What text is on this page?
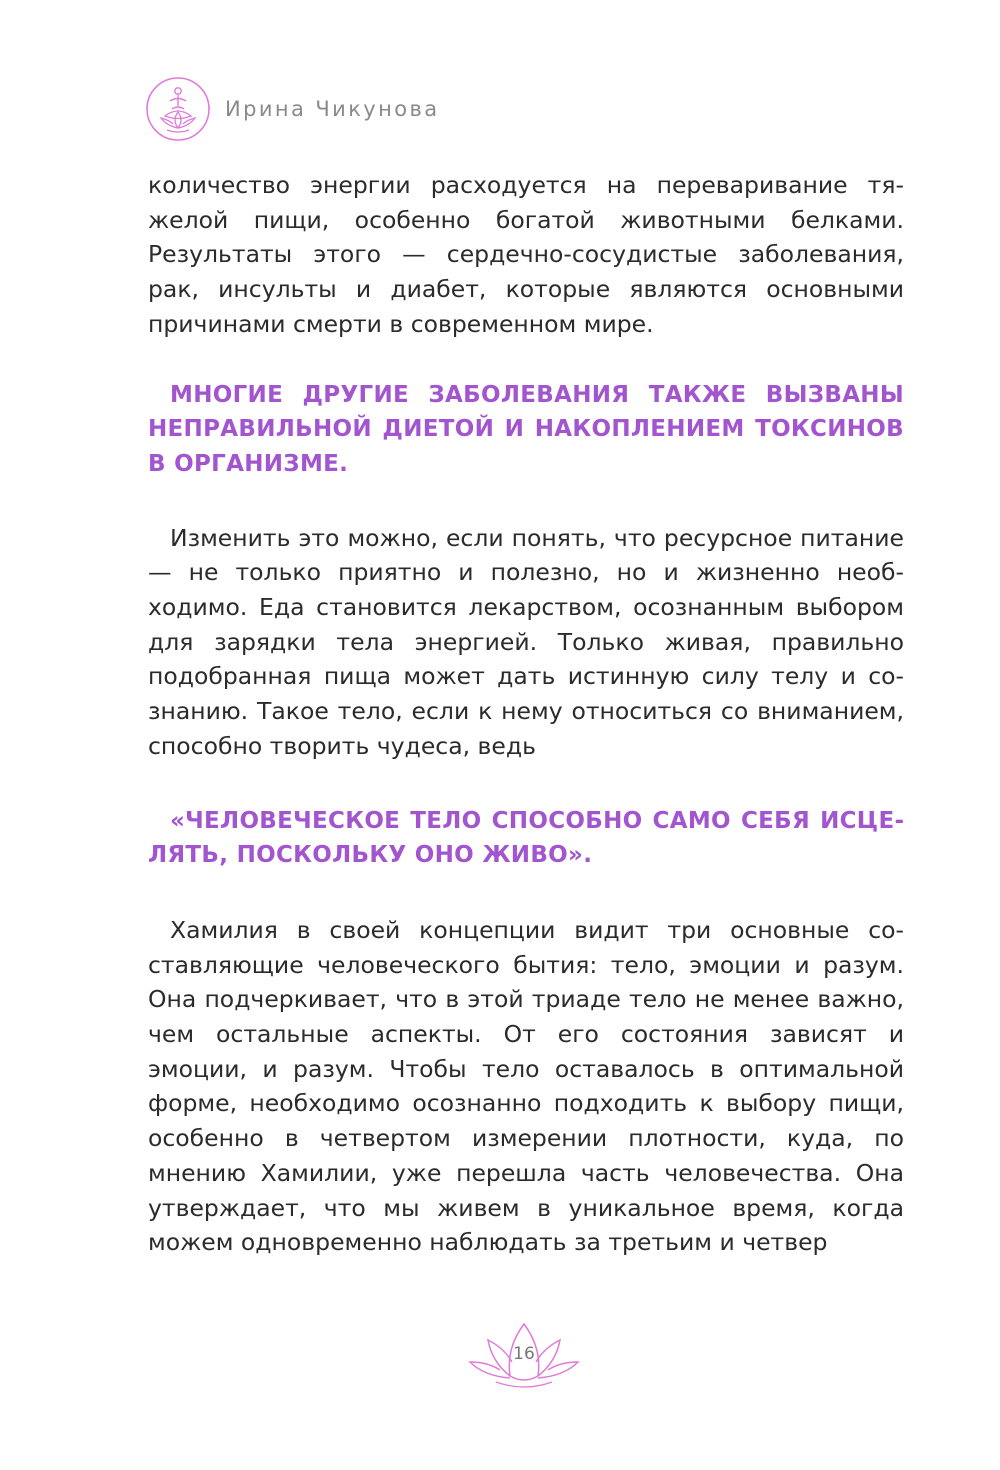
Ирина Чикунова

количество энергии расходуется на переваривание тяжелой пищи, особенно богатой животными белками. Результаты этого — сердечно-сосудистые заболевания, рак, инсульты и диабет, которые являются основными причинами смерти в современном мире.

МНОГИЕ ДРУГИЕ ЗАБОЛЕВАНИЯ ТАКЖЕ ВЫЗВАНЫ НЕПРАВИЛЬНОЙ ДИЕТОЙ И НАКОПЛЕНИЕМ ТОКСИНОВ В ОРГАНИЗМЕ.

Изменить это можно, если понять, что ресурсное питание — не только приятно и полезно, но и жизненно необходимо. Еда становится лекарством, осознанным выбором для зарядки тела энергией. Только живая, правильно подобранная пища может дать истинную силу телу и сознанию. Такое тело, если к нему относиться со вниманием, способно творить чудеса, ведь

«ЧЕЛОВЕЧЕСКОЕ ТЕЛО СПОСОБНО САМО СЕБЯ ИСЦЕЛЯТЬ, ПОСКОЛЬКУ ОНО ЖИВО».

Хамилия в своей концепции видит три основные составляющие человеческого бытия: тело, эмоции и разум. Она подчеркивает, что в этой триаде тело не менее важно, чем остальные аспекты. От его состояния зависят и эмоции, и разум. Чтобы тело оставалось в оптимальной форме, необходимо осознанно подходить к выбору пищи, особенно в четвертом измерении плотности, куда, по мнению Хамилии, уже перешла часть человечества. Она утверждает, что мы живем в уникальное время, когда можем одновременно наблюдать за третьим и четвер

16
